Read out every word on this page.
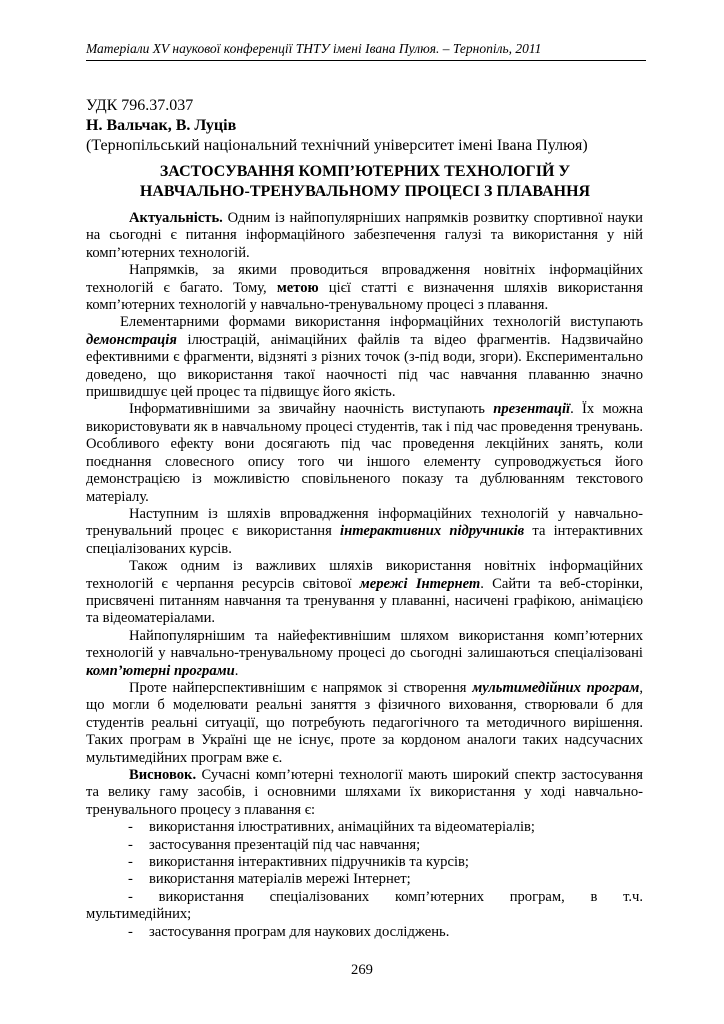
Матеріали XV наукової конференції ТНТУ імені Івана Пулюя. – Тернопіль, 2011
УДК 796.37.037
Н. Вальчак, В. Луців
(Тернопільський національний технічний університет імені Івана Пулюя)
ЗАСТОСУВАННЯ КОМП’ЮТЕРНИХ ТЕХНОЛОГІЙ У
НАВЧАЛЬНО-ТРЕНУВАЛЬНОМУ ПРОЦЕСІ З ПЛАВАННЯ

Актуальність. Одним із найпопулярніших напрямків розвитку спортивної науки на сьогодні є питання інформаційного забезпечення галузі та використання у ній комп’ютерних технологій.

Напрямків, за якими проводиться впровадження новітніх інформаційних технологій є багато. Тому, метою цієї статті є визначення шляхів використання комп’ютерних технологій у навчально-тренувальному процесі з плавання.

Елементарними формами використання інформаційних технологій виступають демонстрація ілюстрацій, анімаційних файлів та відео фрагментів. Надзвичайно ефективними є фрагменти, відзняті з різних точок (з-під води, згори). Експериментально доведено, що використання такої наочності під час навчання плаванню значно пришвидшує цей процес та підвищує його якість.

Інформативнішими за звичайну наочність виступають презентації. Їх можна використовувати як в навчальному процесі студентів, так і під час проведення тренувань. Особливого ефекту вони досягають під час проведення лекційних занять, коли поєднання словесного опису того чи іншого елементу супроводжується його демонстрацією із можливістю сповільненого показу та дублюванням текстового матеріалу.

Наступним із шляхів впровадження інформаційних технологій у навчально-тренувальний процес є використання інтерактивних підручників та інтерактивних спеціалізованих курсів.

Також одним із важливих шляхів використання новітніх інформаційних технологій є черпання ресурсів світової мережі Інтернет. Сайти та веб-сторінки, присвячені питанням навчання та тренування у плаванні, насичені графікою, анімацією та відеоматеріалами.

Найпопулярнішим та найефективнішим шляхом використання комп’ютерних технологій у навчально-тренувальному процесі до сьогодні залишаються спеціалізовані комп’ютерні програми.

Проте найперспективнішим є напрямок зі створення мультимедійних програм, що могли б моделювати реальні заняття з фізичного виховання, створювали б для студентів реальні ситуації, що потребують педагогічного та методичного вирішення. Таких програм в Україні ще не існує, проте за кордоном аналоги таких надсучасних мультимедійних програм вже є.

Висновок. Сучасні комп’ютерні технології мають широкий спектр застосування та велику гаму засобів, і основними шляхами їх використання у ході навчально-тренувального процесу з плавання є:

-	використання ілюстративних, анімаційних та відеоматеріалів;
-	застосування презентацій під час навчання;
-	використання інтерактивних підручників та курсів;
-	використання матеріалів мережі Інтернет;
- використання спеціалізованих комп’ютерних програм, в т.ч.
мультимедійних;
-	застосування програм для наукових досліджень.
269
